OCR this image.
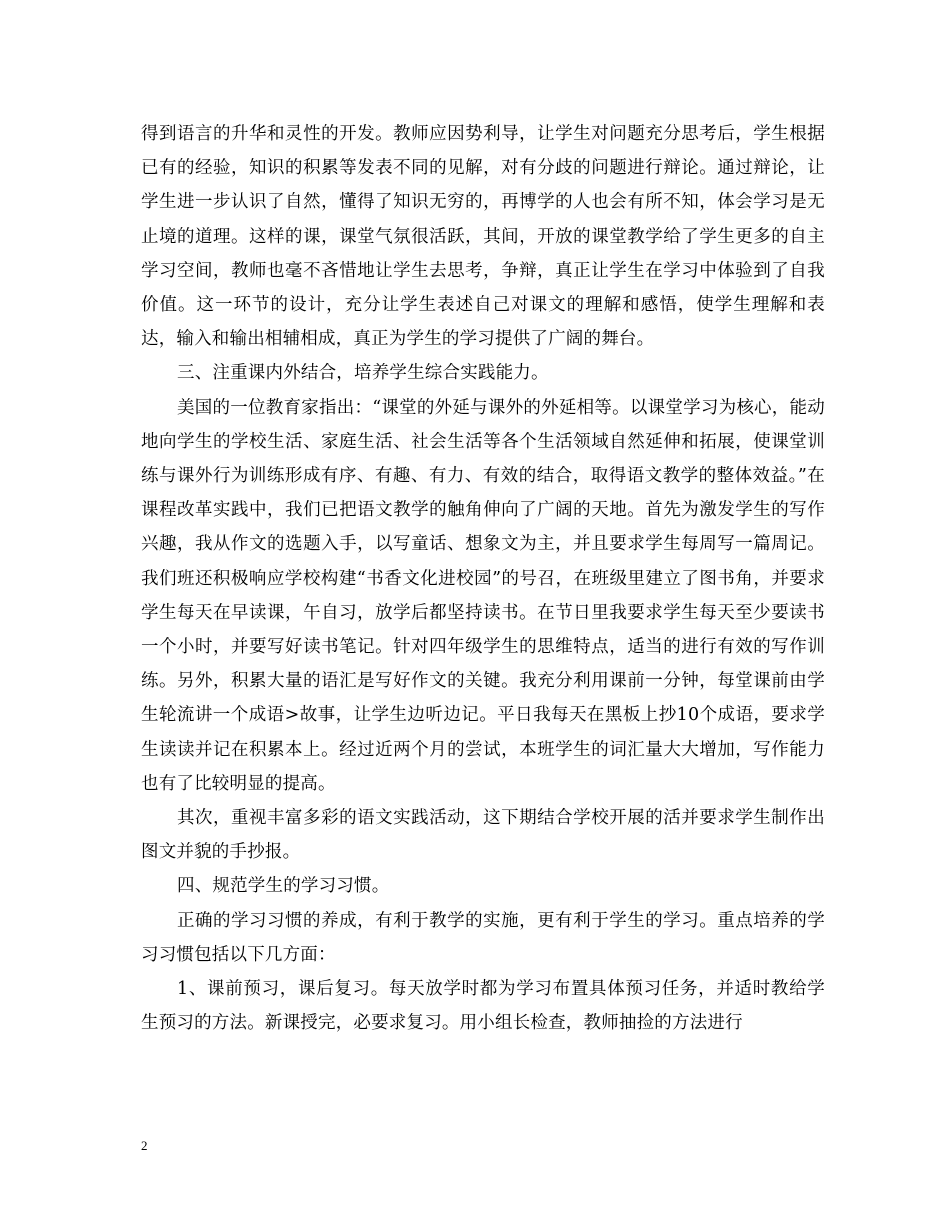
得到语言的升华和灵性的开发。教师应因势利导，让学生对问题充分思考后，学生根据已有的经验，知识的积累等发表不同的见解，对有分歧的问题进行辩论。通过辩论，让学生进一步认识了自然，懂得了知识无穷的，再博学的人也会有所不知，体会学习是无止境的道理。这样的课，课堂气氛很活跃，其间，开放的课堂教学给了学生更多的自主学习空间，教师也毫不吝惜地让学生去思考，争辩，真正让学生在学习中体验到了自我价值。这一环节的设计，充分让学生表述自己对课文的理解和感悟，使学生理解和表达，输入和输出相辅相成，真正为学生的学习提供了广阔的舞台。

三、注重课内外结合，培养学生综合实践能力。

美国的一位教育家指出：“课堂的外延与课外的外延相等。以课堂学习为核心，能动地向学生的学校生活、家庭生活、社会生活等各个生活领域自然延伸和拓展，使课堂训练与课外行为训练形成有序、有趣、有力、有效的结合，取得语文教学的整体效益。”在课程改革实践中，我们已把语文教学的触角伸向了广阔的天地。首先为激发学生的写作兴趣，我从作文的选题入手，以写童话、想象文为主，并且要求学生每周写一篇周记。我们班还积极响应学校构建“书香文化进校园”的号召，在班级里建立了图书角，并要求学生每天在早读课，午自习，放学后都坚持读书。在节日里我要求学生每天至少要读书一个小时，并要写好读书笔记。针对四年级学生的思维特点，适当的进行有效的写作训练。另外，积累大量的语汇是写好作文的关键。我充分利用课前一分钟，每堂课前由学生轮流讲一个成语>故事，让学生边听边记。平日我每天在黑板上抄10个成语，要求学生读读并记在积累本上。经过近两个月的尝试，本班学生的词汇量大大增加，写作能力也有了比较明显的提高。

其次，重视丰富多彩的语文实践活动，这下期结合学校开展的活并要求学生制作出图文并貌的手抄报。

四、规范学生的学习习惯。

正确的学习习惯的养成，有利于教学的实施，更有利于学生的学习。重点培养的学习习惯包括以下几方面：

1、课前预习，课后复习。每天放学时都为学习布置具体预习任务，并适时教给学生预习的方法。新课授完，必要求复习。用小组长检查，教师抽捡的方法进行

2
